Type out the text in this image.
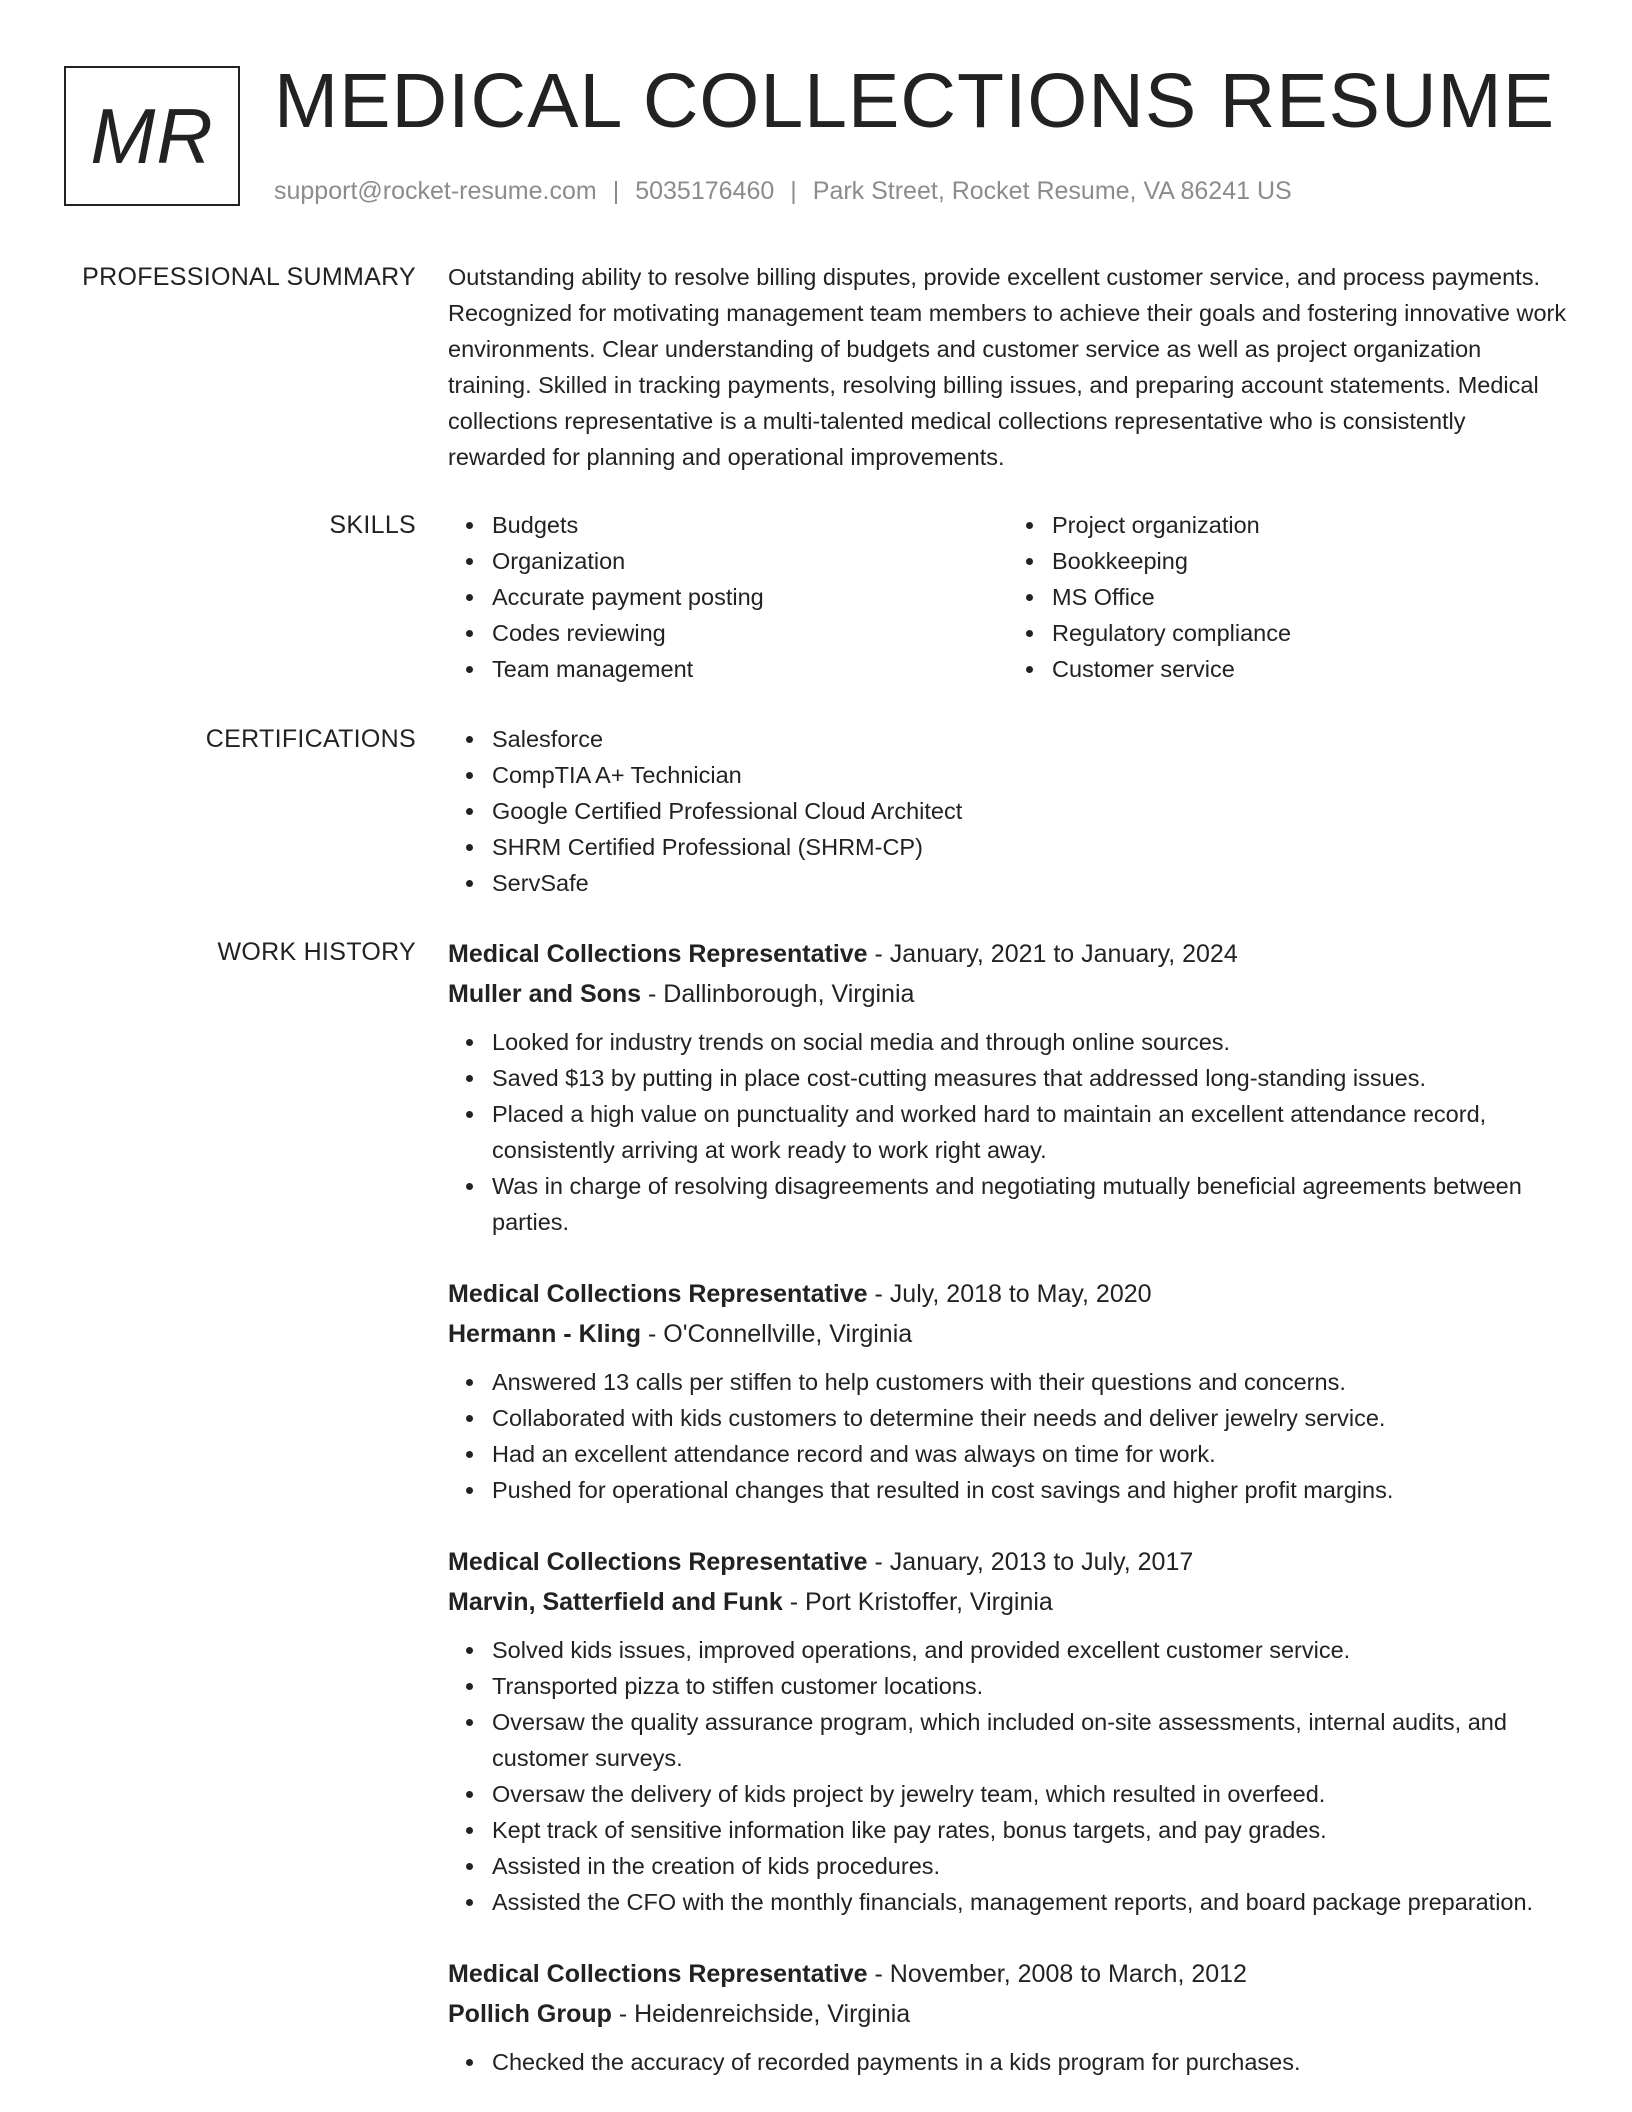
MR MEDICAL COLLECTIONS RESUME
support@rocket-resume.com | 5035176460 | Park Street, Rocket Resume, VA 86241 US
PROFESSIONAL SUMMARY Outstanding ability to resolve billing disputes, provide excellent customer service, and process payments. Recognized for motivating management team members to achieve their goals and fostering innovative work environments. Clear understanding of budgets and customer service as well as project organization training. Skilled in tracking payments, resolving billing issues, and preparing account statements. Medical collections representative is a multi-talented medical collections representative who is consistently rewarded for planning and operational improvements.

SKILLS	Budgets
Organization
Accurate payment posting
Codes reviewing
Team management
Project organization
Bookkeeping
MS Office
Regulatory compliance
Customer service
CERTIFICATIONS	Salesforce
CompTIA A+ Technician
Google Certified Professional Cloud Architect
SHRM Certified Professional (SHRM-CP)
ServSafe
WORK HISTORY Medical Collections Representative - January, 2021 to January, 2024
Muller and Sons - Dallinborough, Virginia
Looked for industry trends on social media and through online sources.
Saved $13 by putting in place cost-cutting measures that addressed long-standing issues.
Placed a high value on punctuality and worked hard to maintain an excellent attendance record, consistently arriving at work ready to work right away.
Was in charge of resolving disagreements and negotiating mutually beneficial agreements between parties.
Medical Collections Representative - July, 2018 to May, 2020
Hermann - Kling - O'Connellville, Virginia
Answered 13 calls per stiffen to help customers with their questions and concerns.
Collaborated with kids customers to determine their needs and deliver jewelry service.
Had an excellent attendance record and was always on time for work.
Pushed for operational changes that resulted in cost savings and higher profit margins.
Medical Collections Representative - January, 2013 to July, 2017
Marvin, Satterfield and Funk - Port Kristoffer, Virginia
Solved kids issues, improved operations, and provided excellent customer service.
Transported pizza to stiffen customer locations.
Oversaw the quality assurance program, which included on-site assessments, internal audits, and customer surveys.
Oversaw the delivery of kids project by jewelry team, which resulted in overfeed.
Kept track of sensitive information like pay rates, bonus targets, and pay grades.
Assisted in the creation of kids procedures.
Assisted the CFO with the monthly financials, management reports, and board package preparation.
Medical Collections Representative - November, 2008 to March, 2012
Pollich Group - Heidenreichside, Virginia
Checked the accuracy of recorded payments in a kids program for purchases.
